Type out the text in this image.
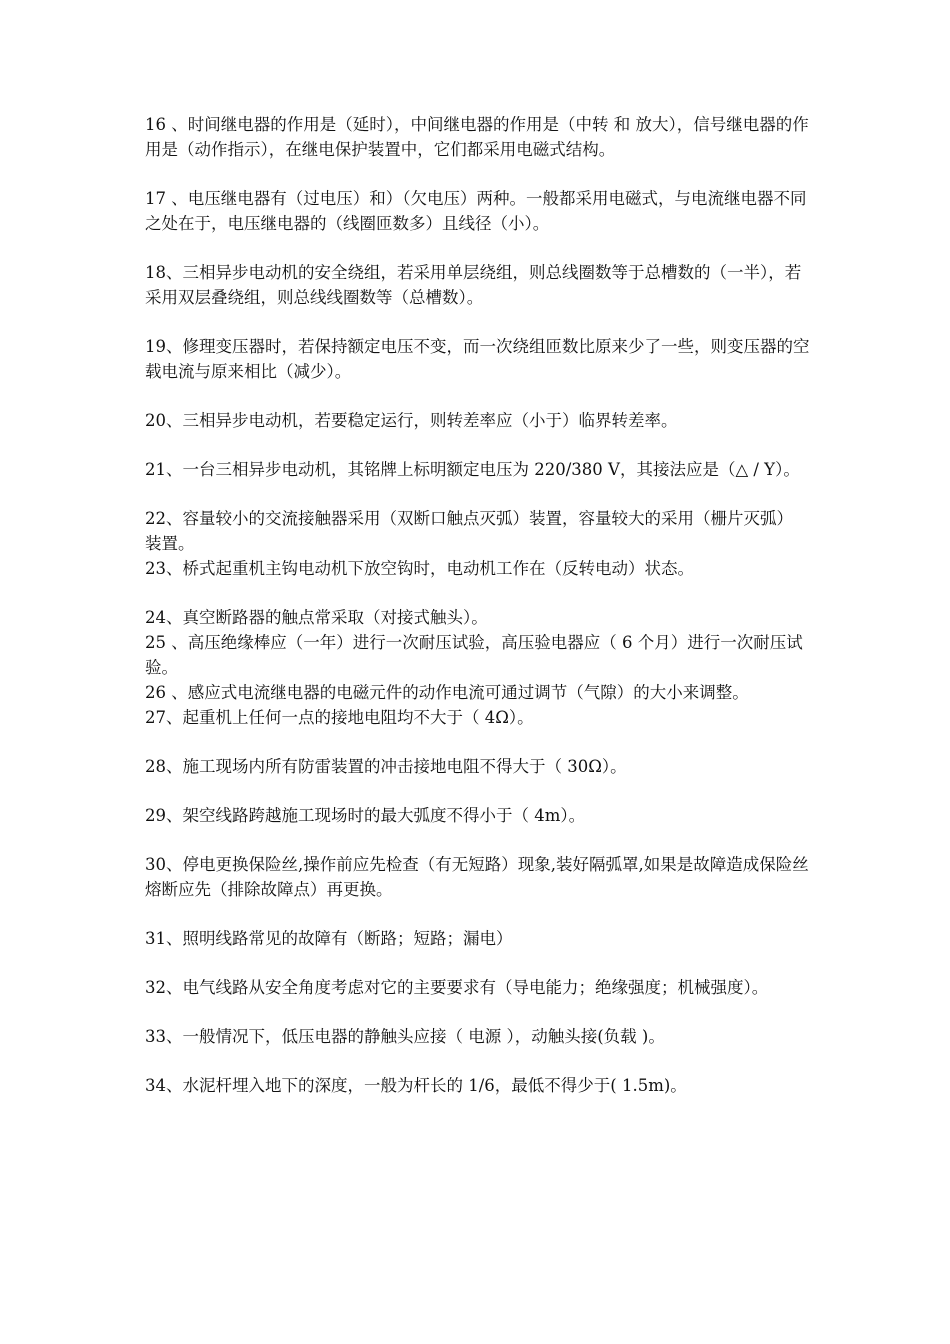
16 、时间继电器的作用是（延时），中间继电器的作用是（中转 和 放大），信号继电器的作用是（动作指示），在继电保护装置中，它们都采用电磁式结构。

17 、电压继电器有（过电压）和）（欠电压）两种。一般都采用电磁式，与电流继电器不同之处在于，电压继电器的（线圈匝数多）且线径（小）。

18、三相异步电动机的安全绕组，若采用单层绕组，则总线圈数等于总槽数的（一半），若采用双层叠绕组，则总线线圈数等（总槽数）。

19、修理变压器时，若保持额定电压不变，而一次绕组匝数比原来少了一些，则变压器的空载电流与原来相比（减少）。

20、三相异步电动机，若要稳定运行，则转差率应（小于）临界转差率。

21、一台三相异步电动机，其铭牌上标明额定电压为 220/380 V，其接法应是（△ / Y）。

22、容量较小的交流接触器采用（双断口触点灭弧）装置，容量较大的采用（栅片灭弧） 装置。

23、桥式起重机主钩电动机下放空钩时，电动机工作在（反转电动）状态。

24、真空断路器的触点常采取（对接式触头）。

25 、高压绝缘棒应（一年）进行一次耐压试验，高压验电器应（ 6 个月）进行一次耐压试验。

26 、感应式电流继电器的电磁元件的动作电流可通过调节（气隙）的大小来调整。

27、起重机上任何一点的接地电阻均不大于（ 4Ω）。

28、施工现场内所有防雷装置的冲击接地电阻不得大于（ 30Ω）。

29、架空线路跨越施工现场时的最大弧度不得小于（ 4m）。

30、停电更换保险丝,操作前应先检查（有无短路）现象,装好隔弧罩,如果是故障造成保险丝熔断应先（排除故障点）再更换。

31、照明线路常见的故障有（断路；短路；漏电）

32、电气线路从安全角度考虑对它的主要要求有（导电能力；绝缘强度；机械强度）。

33、一般情况下，低压电器的静触头应接（ 电源 ），动触头接(负载 )。

34、水泥杆埋入地下的深度，一般为杆长的 1/6，最低不得少于( 1.5m)。
